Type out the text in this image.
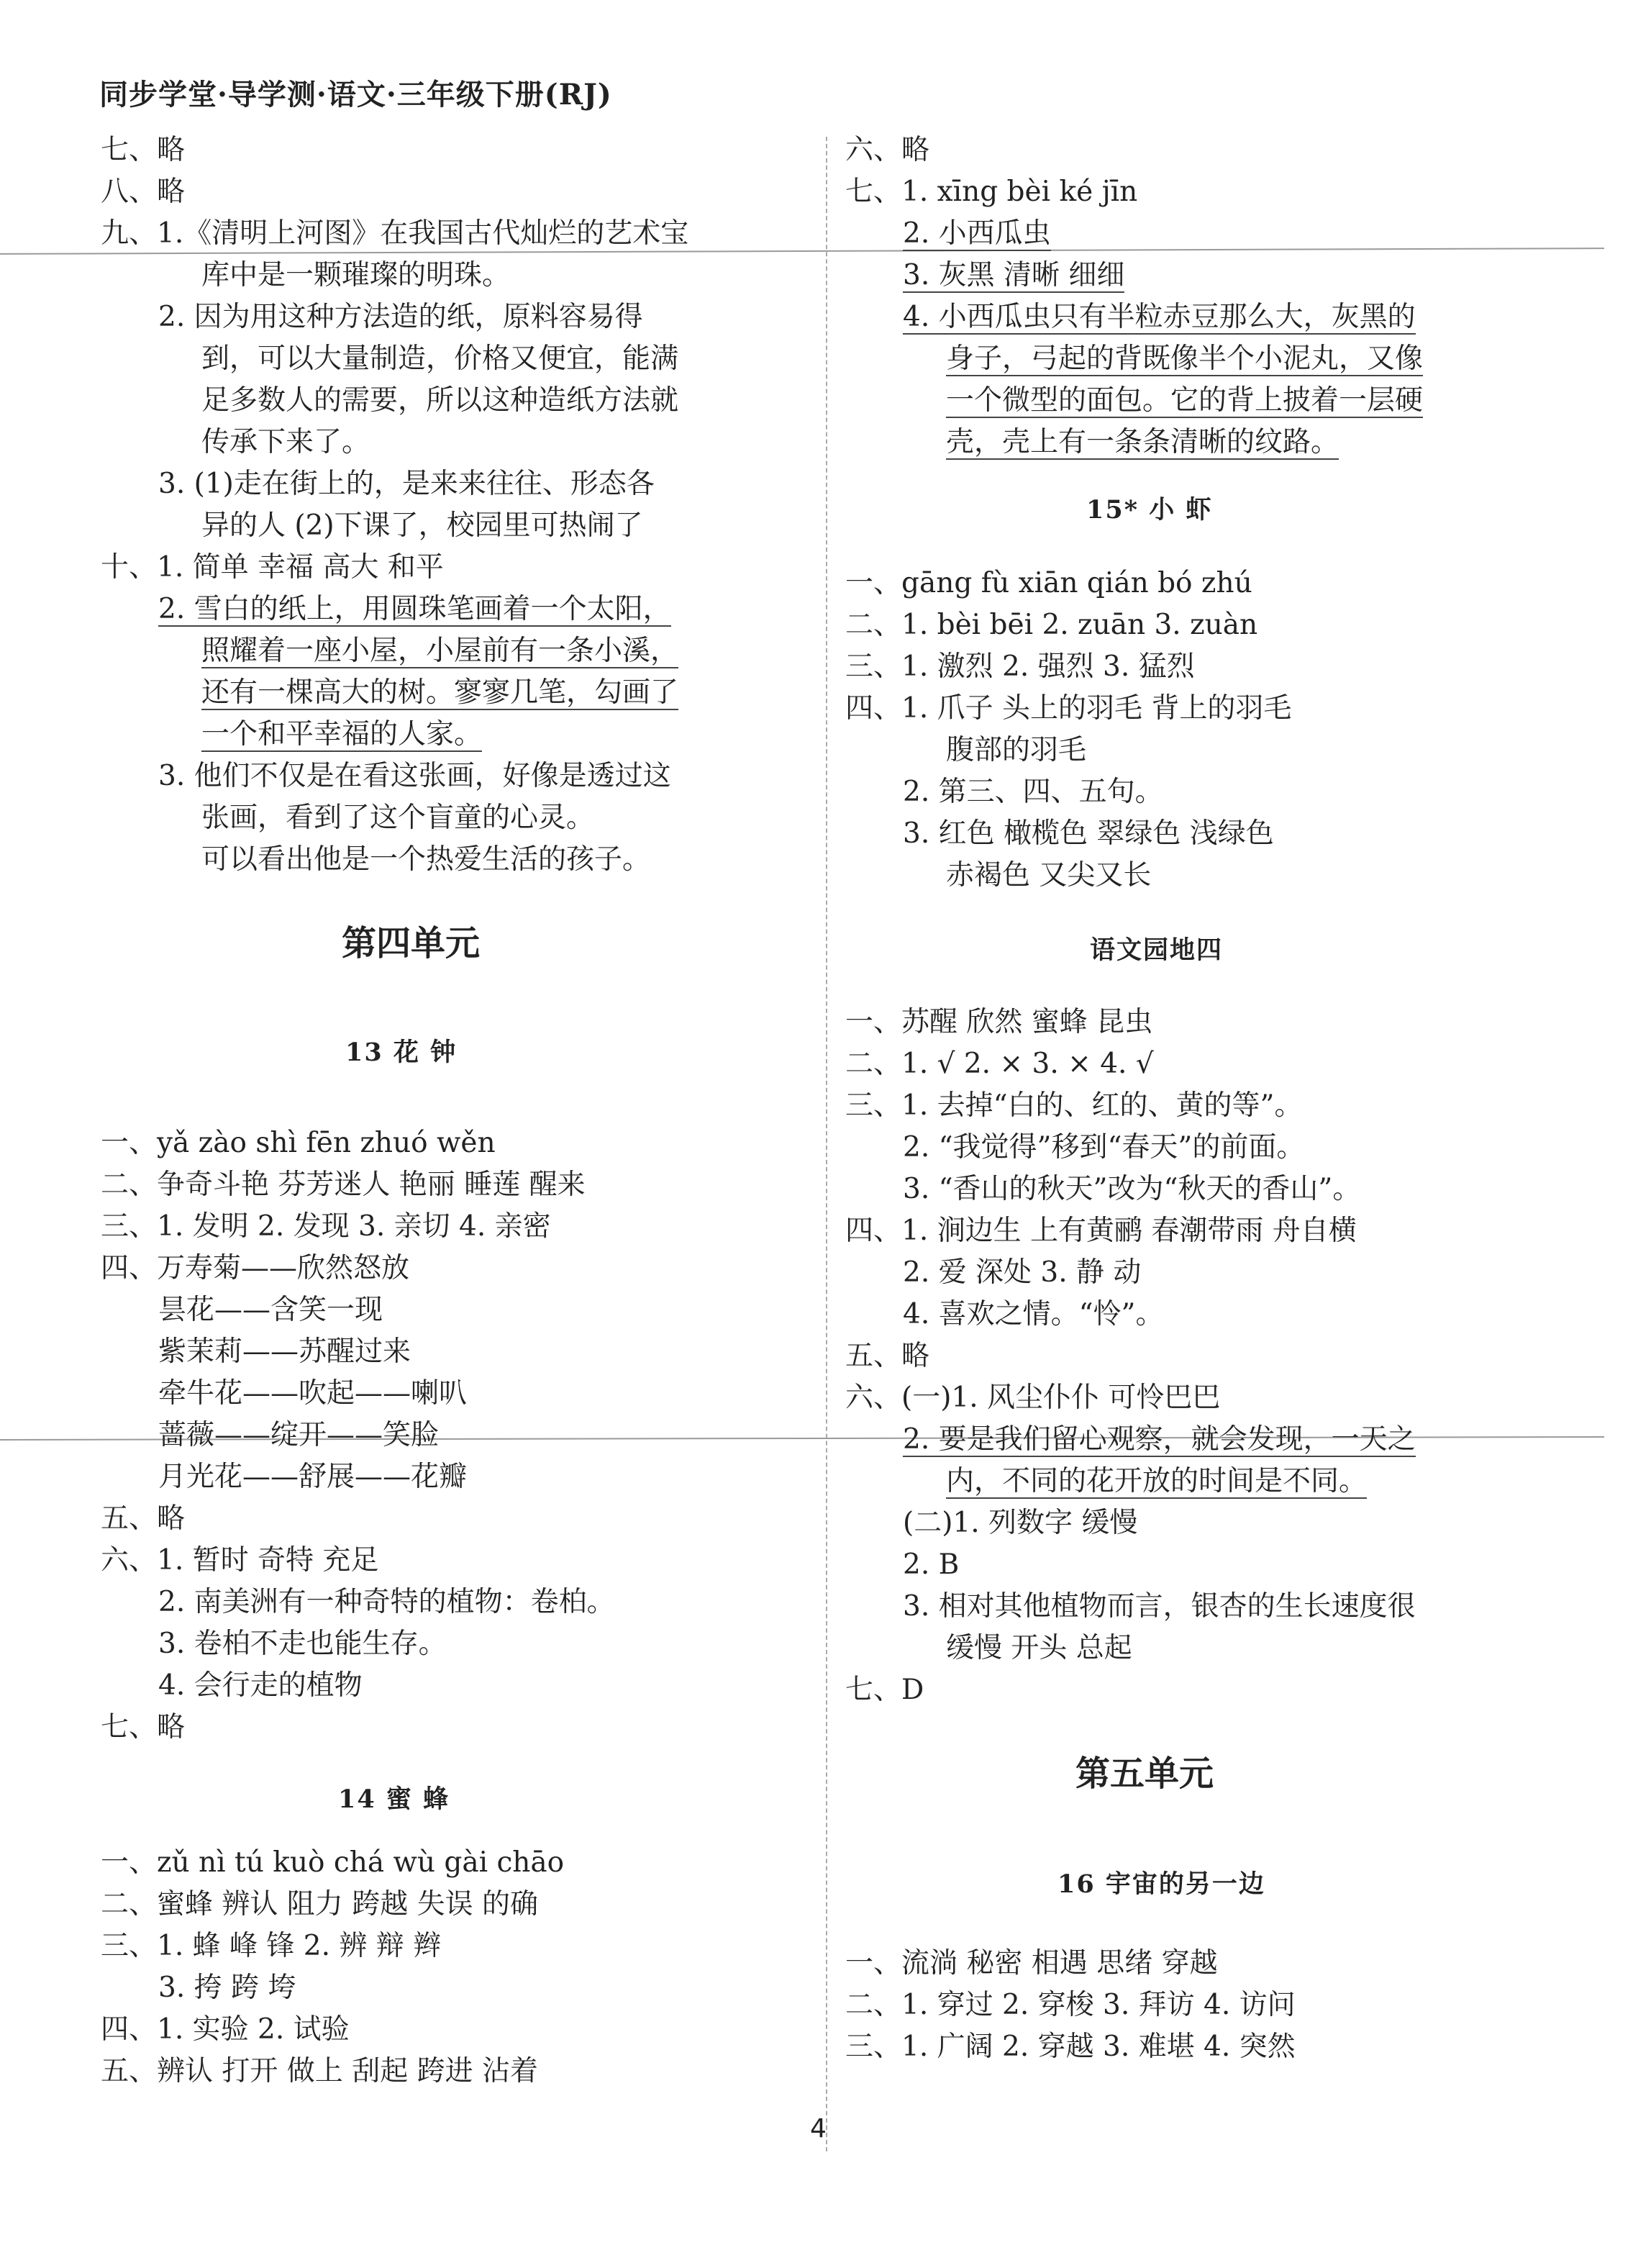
同步学堂·导学测·语文·三年级下册(RJ)
七、略
八、略
九、1.《清明上河图》在我国古代灿烂的艺术宝
库中是一颗璀璨的明珠。
2. 因为用这种方法造的纸，原料容易得
到，可以大量制造，价格又便宜，能满
足多数人的需要，所以这种造纸方法就
传承下来了。
3. (1)走在街上的，是来来往往、形态各
异的人 (2)下课了，校园里可热闹了
十、1. 简单 幸福 高大 和平
2. 雪白的纸上，用圆珠笔画着一个太阳，
照耀着一座小屋，小屋前有一条小溪，
还有一棵高大的树。寥寥几笔，勾画了
一个和平幸福的人家。
3. 他们不仅是在看这张画，好像是透过这
张画，看到了这个盲童的心灵。
可以看出他是一个热爱生活的孩子。
第四单元
13 花 钟
一、yǎ zào shì fēn zhuó wěn
二、争奇斗艳 芬芳迷人 艳丽 睡莲 醒来
三、1. 发明 2. 发现 3. 亲切 4. 亲密
四、万寿菊——欣然怒放
昙花——含笑一现
紫茉莉——苏醒过来
牵牛花——吹起——喇叭
蔷薇——绽开——笑脸
月光花——舒展——花瓣
五、略
六、1. 暂时 奇特 充足
2. 南美洲有一种奇特的植物：卷柏。
3. 卷柏不走也能生存。
4. 会行走的植物
七、略
14 蜜 蜂
一、zǔ nì tú kuò chá wù gài chāo
二、蜜蜂 辨认 阻力 跨越 失误 的确
三、1. 蜂 峰 锋 2. 辨 辩 辫
3. 挎 跨 垮
四、1. 实验 2. 试验
五、辨认 打开 做上 刮起 跨进 沾着
六、略
七、1. xīng bèi ké jīn
2. 小西瓜虫
3. 灰黑 清晰 细细
4. 小西瓜虫只有半粒赤豆那么大，灰黑的
身子，弓起的背既像半个小泥丸，又像
一个微型的面包。它的背上披着一层硬
壳，壳上有一条条清晰的纹路。
15* 小 虾
一、gāng fù xiān qián bó zhú
二、1. bèi bēi 2. zuān 3. zuàn
三、1. 激烈 2. 强烈 3. 猛烈
四、1. 爪子 头上的羽毛 背上的羽毛
腹部的羽毛
2. 第三、四、五句。
3. 红色 橄榄色 翠绿色 浅绿色
赤褐色 又尖又长
语文园地四
一、苏醒 欣然 蜜蜂 昆虫
二、1. √ 2. × 3. × 4. √
三、1. 去掉“白的、红的、黄的等”。
2. “我觉得”移到“春天”的前面。
3. “香山的秋天”改为“秋天的香山”。
四、1. 涧边生 上有黄鹂 春潮带雨 舟自横
2. 爱 深处 3. 静 动
4. 喜欢之情。“怜”。
五、略
六、(一)1. 风尘仆仆 可怜巴巴
2. 要是我们留心观察，就会发现，一天之
内，不同的花开放的时间是不同。
(二)1. 列数字 缓慢
2. B
3. 相对其他植物而言，银杏的生长速度很
缓慢 开头 总起
七、D
第五单元
16 宇宙的另一边
一、流淌 秘密 相遇 思绪 穿越
二、1. 穿过 2. 穿梭 3. 拜访 4. 访问
三、1. 广阔 2. 穿越 3. 难堪 4. 突然
4
